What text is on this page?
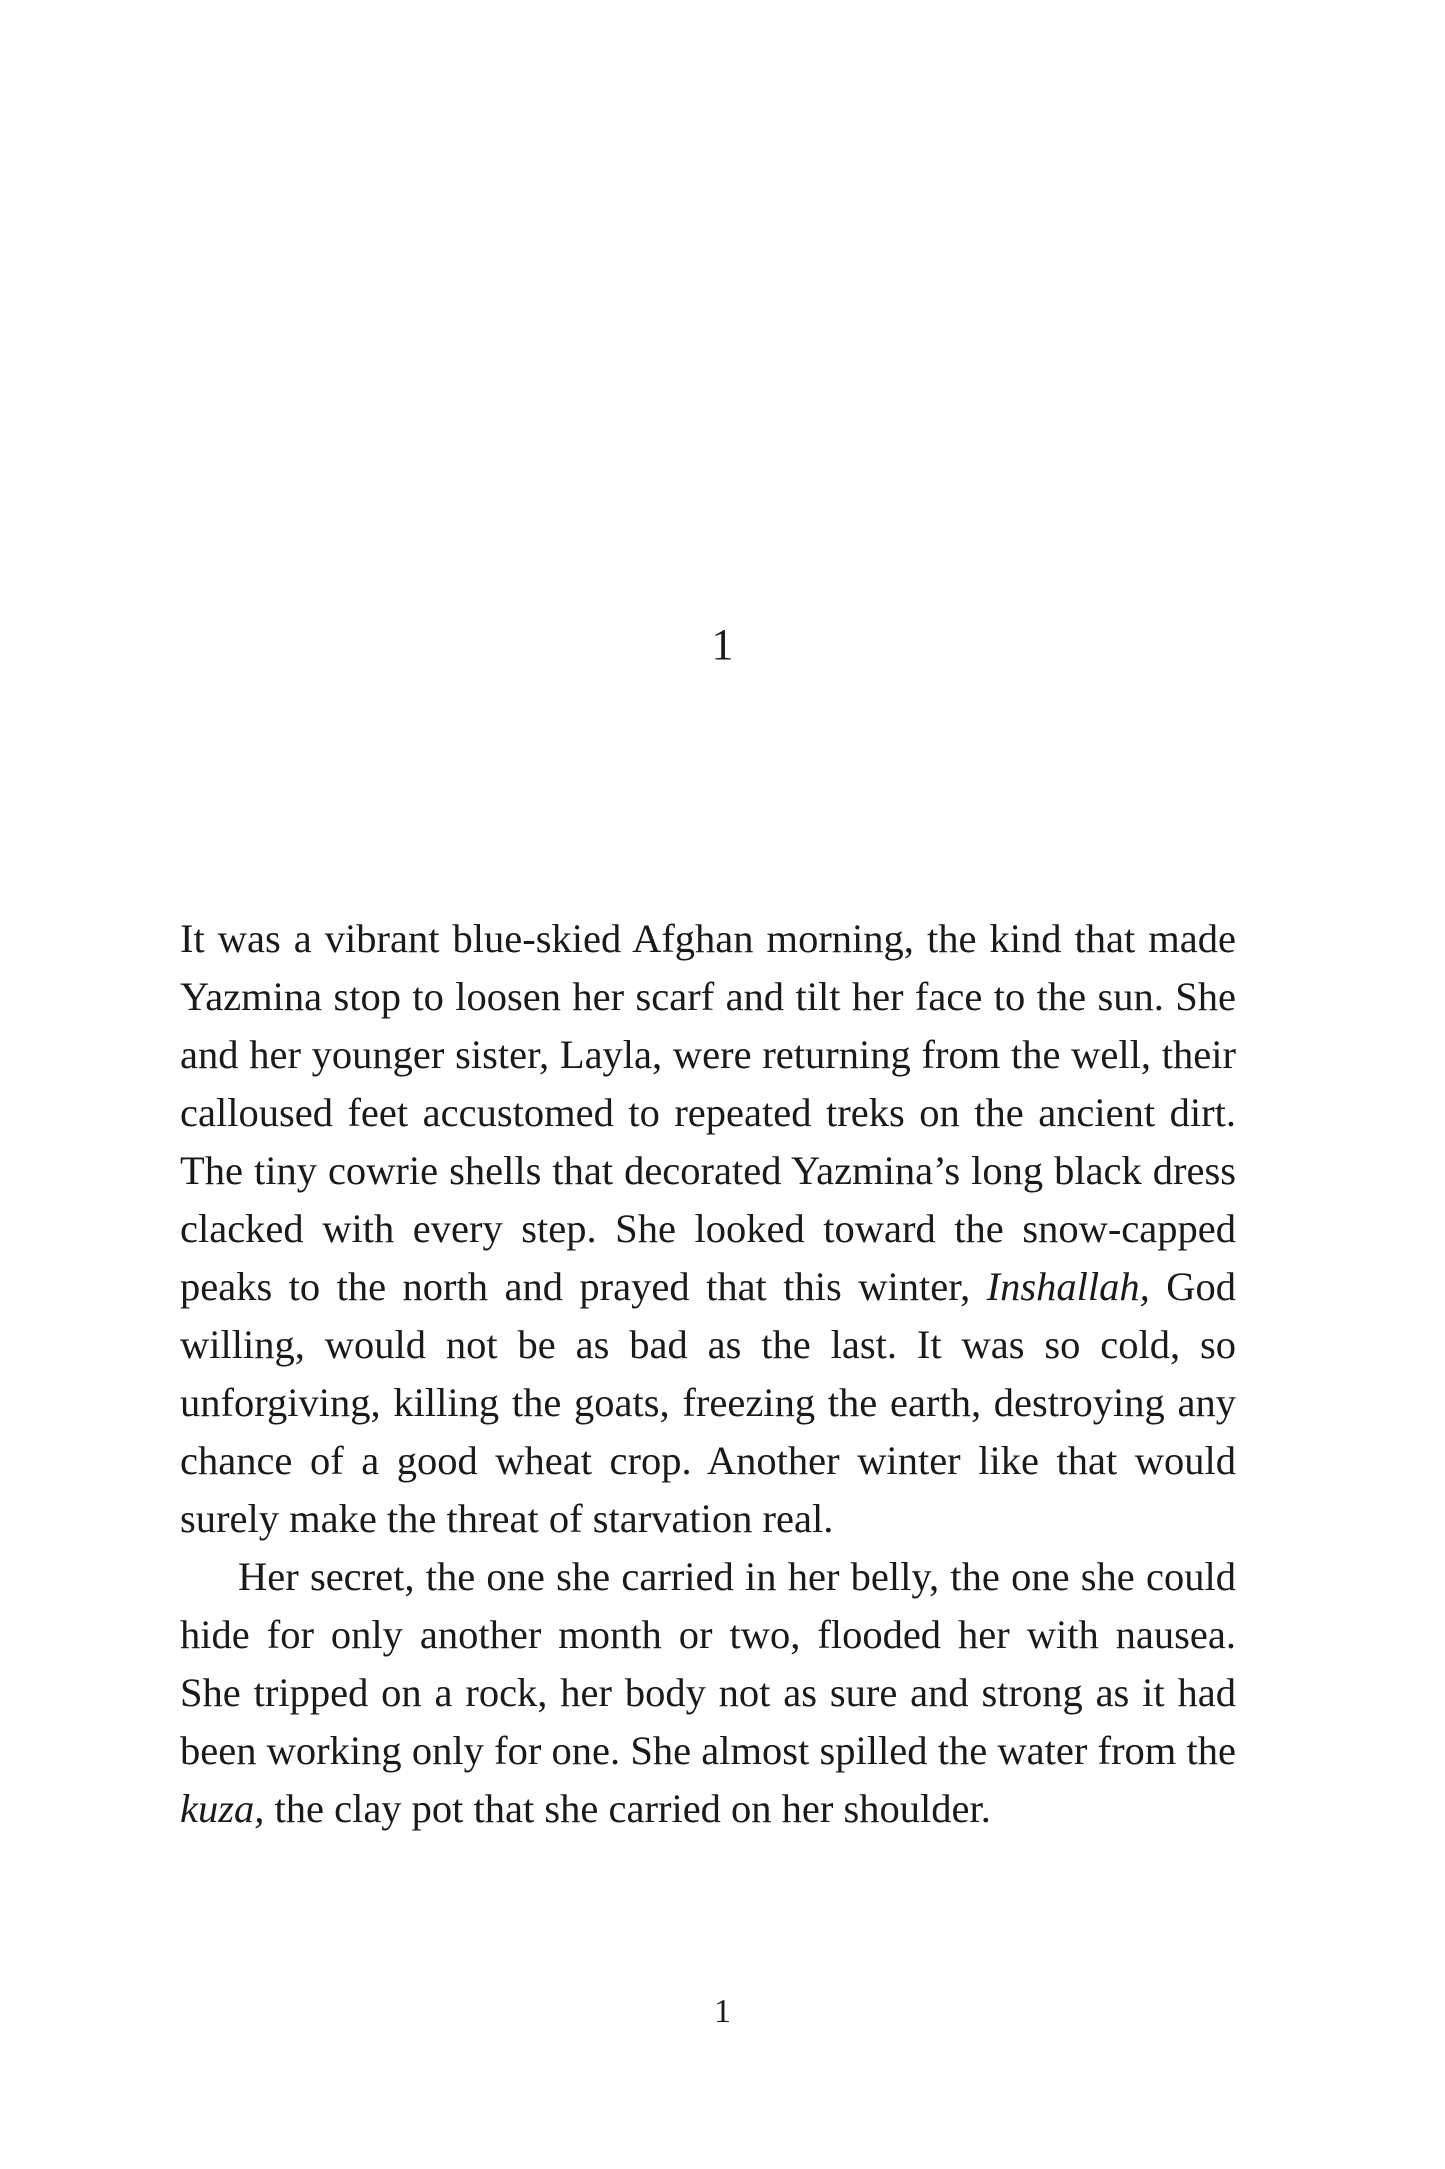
1

It was a vibrant blue-skied Afghan morning, the kind that made Yazmina stop to loosen her scarf and tilt her face to the sun. She and her younger sister, Layla, were returning from the well, their calloused feet accustomed to repeated treks on the ancient dirt. The tiny cowrie shells that decorated Yazmina’s long black dress clacked with every step. She looked toward the snow-capped peaks to the north and prayed that this winter, Inshallah, God willing, would not be as bad as the last. It was so cold, so unforgiving, killing the goats, freezing the earth, destroying any chance of a good wheat crop. Another winter like that would surely make the threat of starvation real.

Her secret, the one she carried in her belly, the one she could hide for only another month or two, flooded her with nausea. She tripped on a rock, her body not as sure and strong as it had been working only for one. She almost spilled the water from the kuza, the clay pot that she carried on her shoulder.

1
